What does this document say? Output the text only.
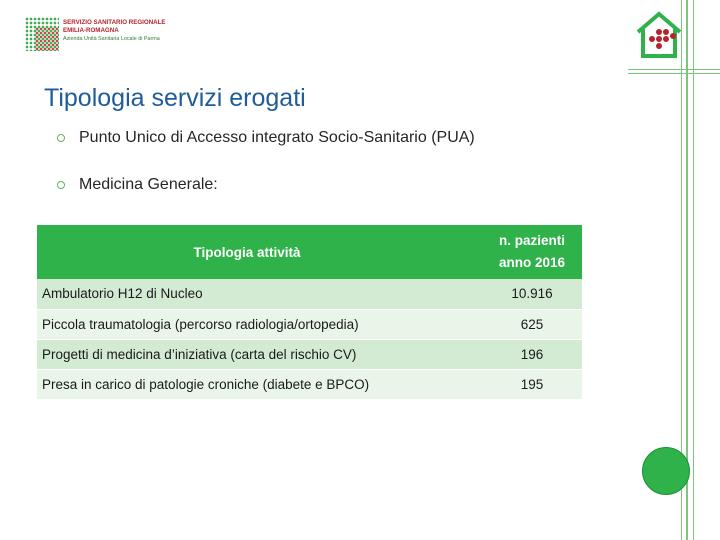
SERVIZIO SANITARIO REGIONALE
EMILIA-ROMAGNA
Azienda Unità Sanitaria Locale di Parma
Tipologia servizi erogati
Punto Unico di Accesso integrato Socio-Sanitario (PUA)
Medicina Generale:
Tipologia attività	n. pazienti
anno 2016

Ambulatorio H12 di Nucleo	10.916
Piccola traumatologia (percorso radiologia/ortopedia)	625
Progetti di medicina d’iniziativa (carta del rischio CV)	196
Presa in carico di patologie croniche (diabete e BPCO)	195
